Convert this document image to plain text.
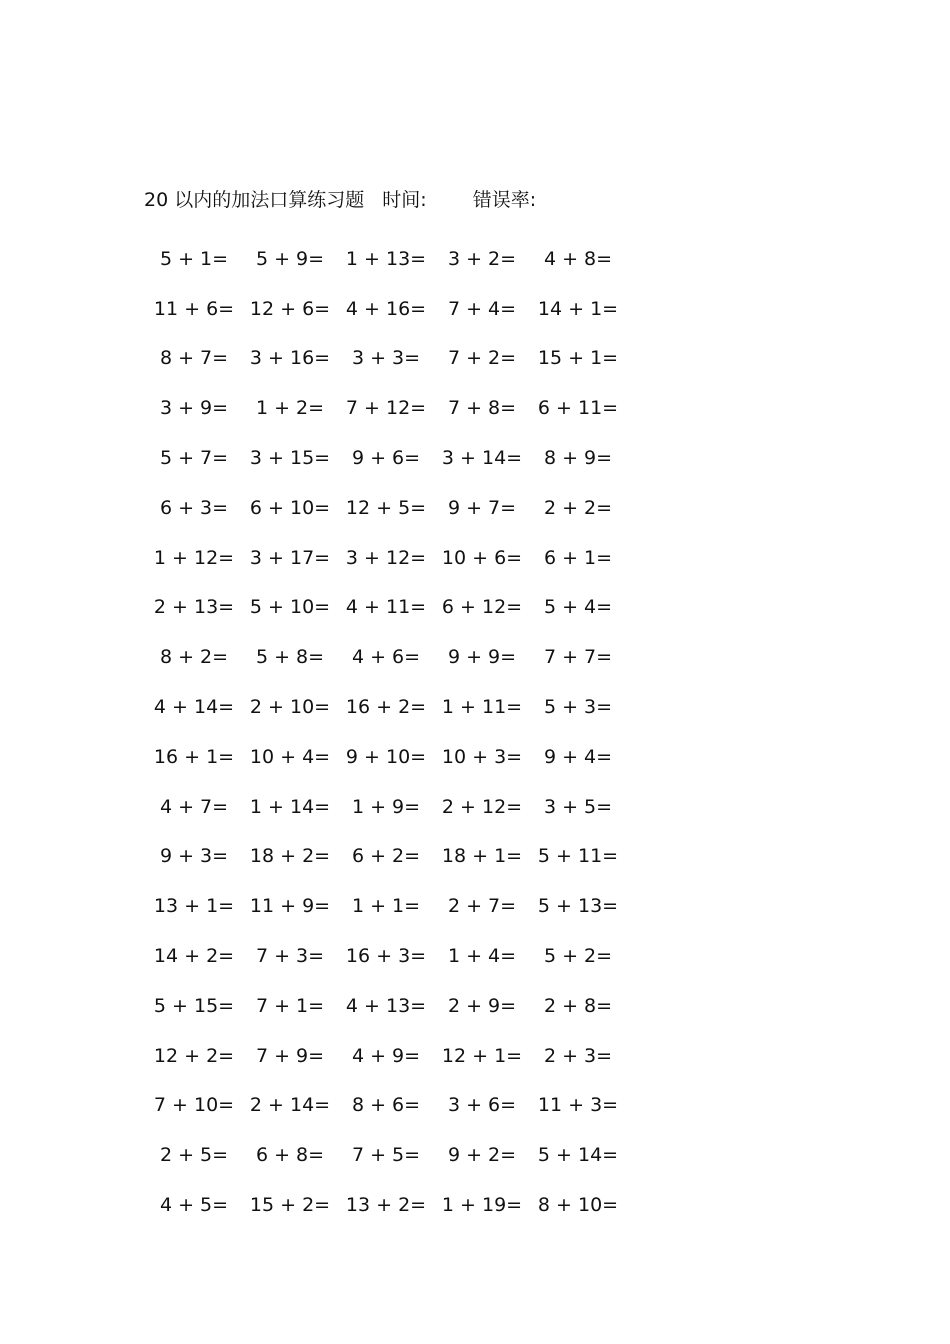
20 以内的加法口算练习题 时间: 错误率:
5 + 1=	5 + 9=	1 + 13=	3 + 2=	4 + 8=
11 + 6= 12 + 6= 4 + 16=	7 + 4=	14 + 1=
8 + 7=	3 + 16=	3 + 3=	7 + 2=	15 + 1=
3 + 9=	1 + 2=	7 + 12=	7 + 8=	6 + 11=
5 + 7=	3 + 15=	9 + 6=	3 + 14=	8 + 9=
6 + 3=	6 + 10= 12 + 5=	9 + 7=	2 + 2=
1 + 12= 3 + 17= 3 + 12= 10 + 6=	6 + 1=
2 + 13= 5 + 10= 4 + 11= 6 + 12=	5 + 4=
8 + 2=	5 + 8=	4 + 6=	9 + 9=	7 + 7=
4 + 14= 2 + 10= 16 + 2= 1 + 11=	5 + 3=
16 + 1= 10 + 4= 9 + 10= 10 + 3=	9 + 4=
4 + 7=	1 + 14=	1 + 9=	2 + 12=	3 + 5=
9 + 3=	18 + 2=	6 + 2=	18 + 1= 5 + 11=
13 + 1= 11 + 9=	1 + 1=	2 + 7=	5 + 13=
14 + 2=	7 + 3=	16 + 3=	1 + 4=	5 + 2=
5 + 15=	7 + 1=	4 + 13=	2 + 9=	2 + 8=
12 + 2=	7 + 9=	4 + 9=	12 + 1=	2 + 3=
7 + 10= 2 + 14=	8 + 6=	3 + 6=	11 + 3=
2 + 5=	6 + 8=	7 + 5=	9 + 2=	5 + 14=
4 + 5=	15 + 2= 13 + 2= 1 + 19= 8 + 10=
